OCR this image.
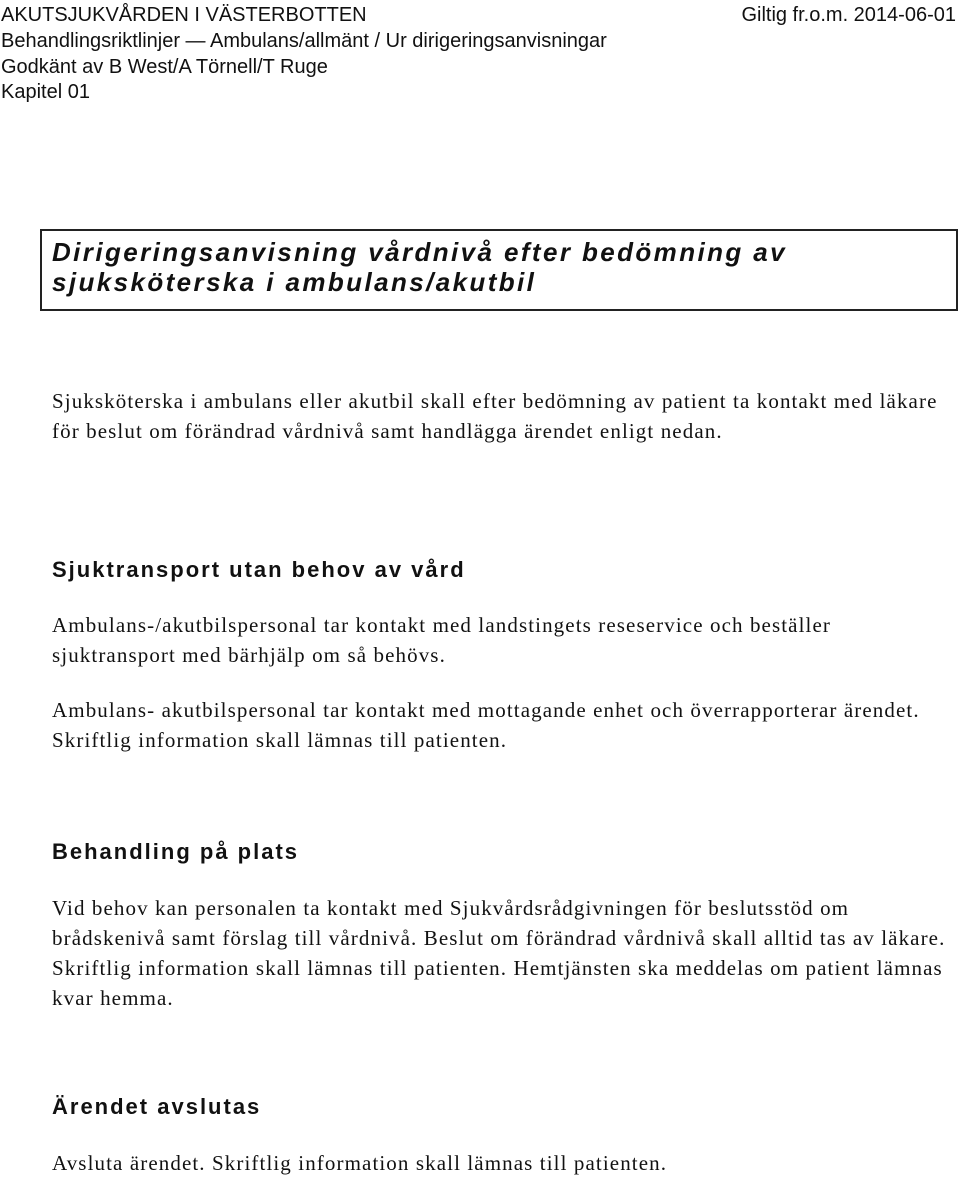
AKUTSJUKVÅRDEN I VÄSTERBOTTEN	Giltig fr.o.m. 2014-06-01
Behandlingsriktlinjer — Ambulans/allmänt / Ur dirigeringsanvisningar
Godkänt av B West/A Törnell/T Ruge
Kapitel 01

Dirigeringsanvisning vårdnivå efter bedömning av sjuksköterska i ambulans/akutbil

Sjuksköterska i ambulans eller akutbil skall efter bedömning av patient ta kontakt med läkare för beslut om förändrad vårdnivå samt handlägga ärendet enligt nedan.

Sjuktransport utan behov av vård

Ambulans-/akutbilspersonal tar kontakt med landstingets reseservice och beställer sjuktransport med bärhjälp om så behövs.

Ambulans- akutbilspersonal tar kontakt med mottagande enhet och överrapporterar ärendet. Skriftlig information skall lämnas till patienten.

Behandling på plats

Vid behov kan personalen ta kontakt med Sjukvårdsrådgivningen för beslutsstöd om brådskenivå samt förslag till vårdnivå. Beslut om förändrad vårdnivå skall alltid tas av läkare. Skriftlig information skall lämnas till patienten. Hemtjänsten ska meddelas om patient lämnas kvar hemma.

Ärendet avslutas

Avsluta ärendet. Skriftlig information skall lämnas till patienten.
